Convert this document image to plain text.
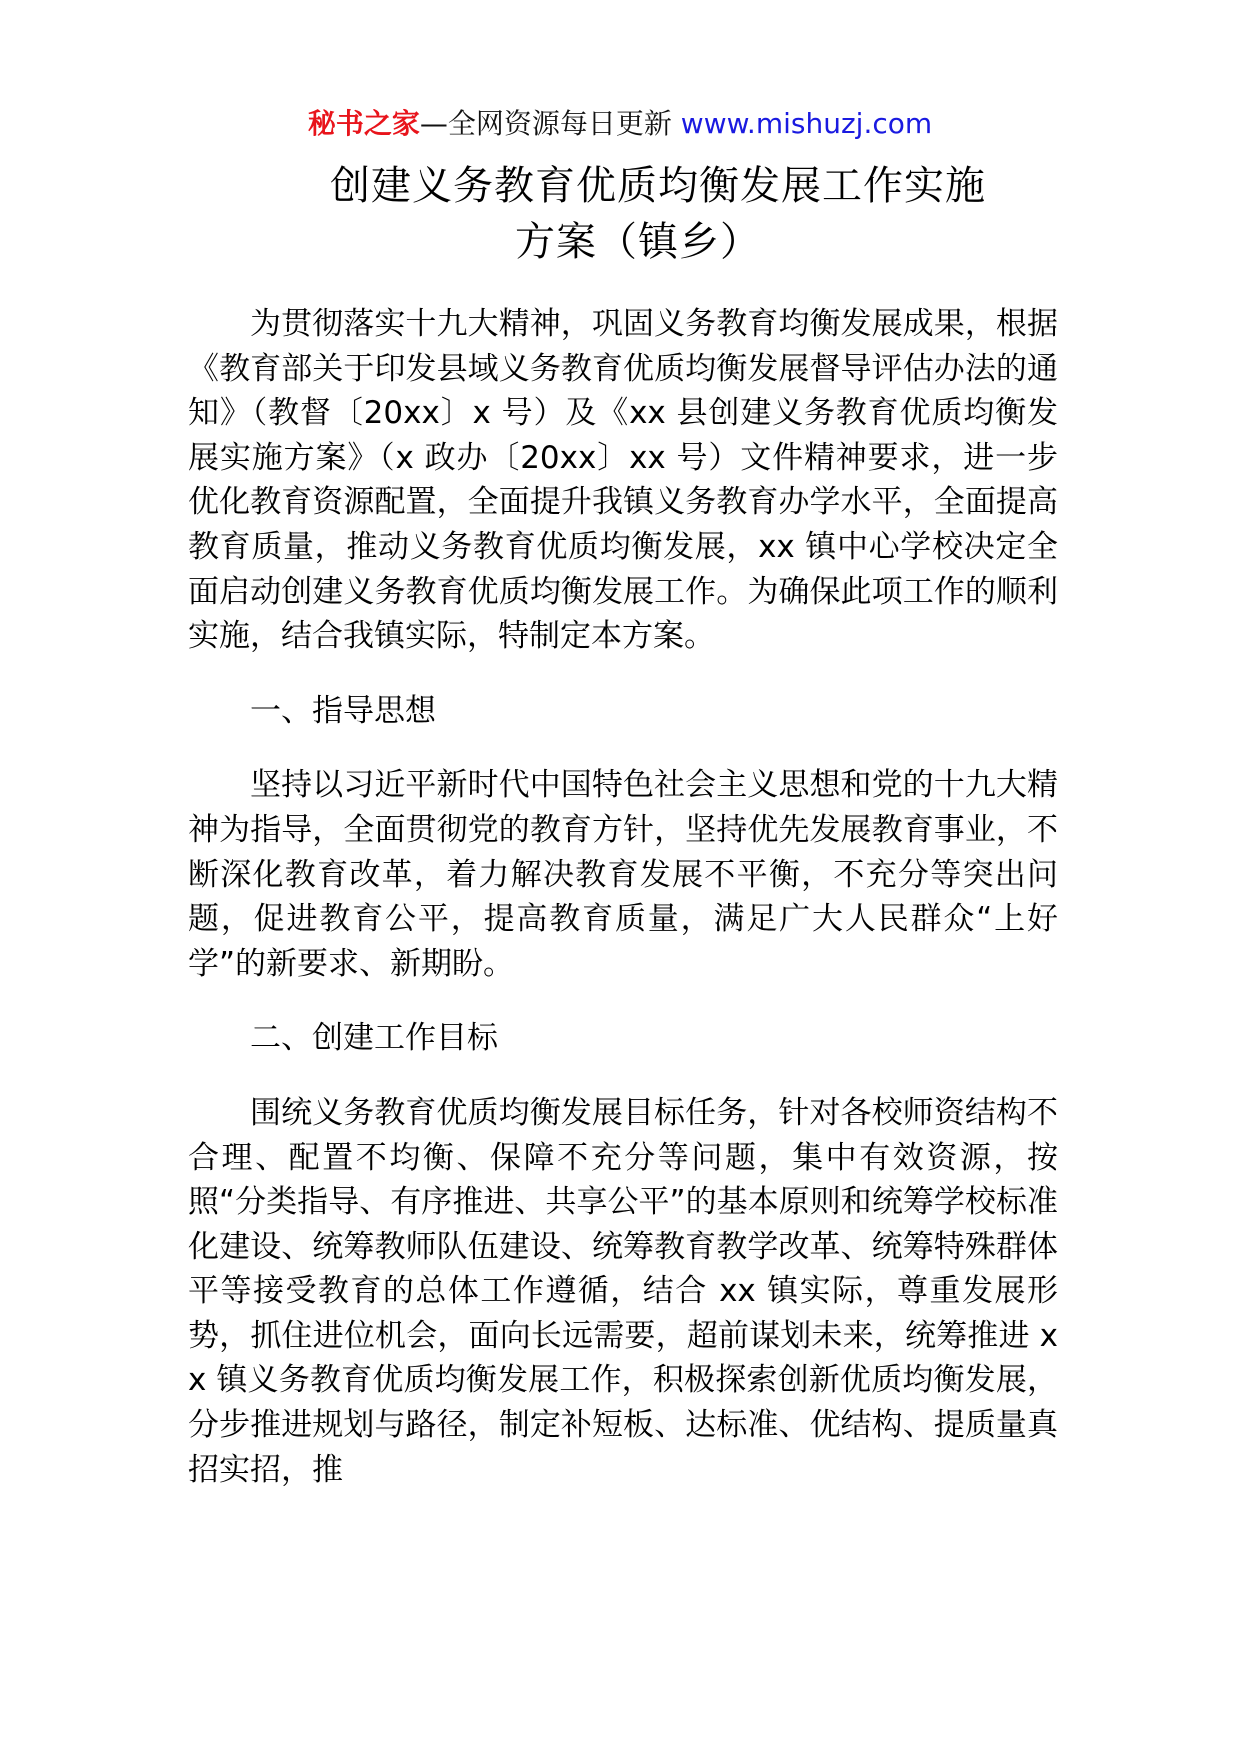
秘书之家—全网资源每日更新 www.mishuzj.com
创建义务教育优质均衡发展工作实施
方案（镇乡）

为贯彻落实十九大精神，巩固义务教育均衡发展成果，根据《教育部关于印发县域义务教育优质均衡发展督导评估办法的通知》（教督〔20xx〕x 号）及《xx 县创建义务教育优质均衡发展实施方案》（x 政办〔20xx〕xx 号）文件精神要求，进一步优化教育资源配置，全面提升我镇义务教育办学水平，全面提高教育质量，推动义务教育优质均衡发展，xx 镇中心学校决定全面启动创建义务教育优质均衡发展工作。为确保此项工作的顺利实施，结合我镇实际，特制定本方案。

一、指导思想

坚持以习近平新时代中国特色社会主义思想和党的十九大精神为指导，全面贯彻党的教育方针，坚持优先发展教育事业，不断深化教育改革，着力解决教育发展不平衡，不充分等突出问题，促进教育公平，提高教育质量，满足广大人民群众“上好学”的新要求、新期盼。

二、创建工作目标

围统义务教育优质均衡发展目标任务，针对各校师资结构不合理、配置不均衡、保障不充分等问题，集中有效资源，按照“分类指导、有序推进、共享公平”的基本原则和统筹学校标准化建设、统筹教师队伍建设、统筹教育教学改革、统筹特殊群体平等接受教育的总体工作遵循，结合 xx 镇实际，尊重发展形势，抓住进位机会，面向长远需要，超前谋划未来，统筹推进 xx 镇义务教育优质均衡发展工作，积极探索创新优质均衡发展，分步推进规划与路径，制定补短板、达标准、优结构、提质量真招实招，推
